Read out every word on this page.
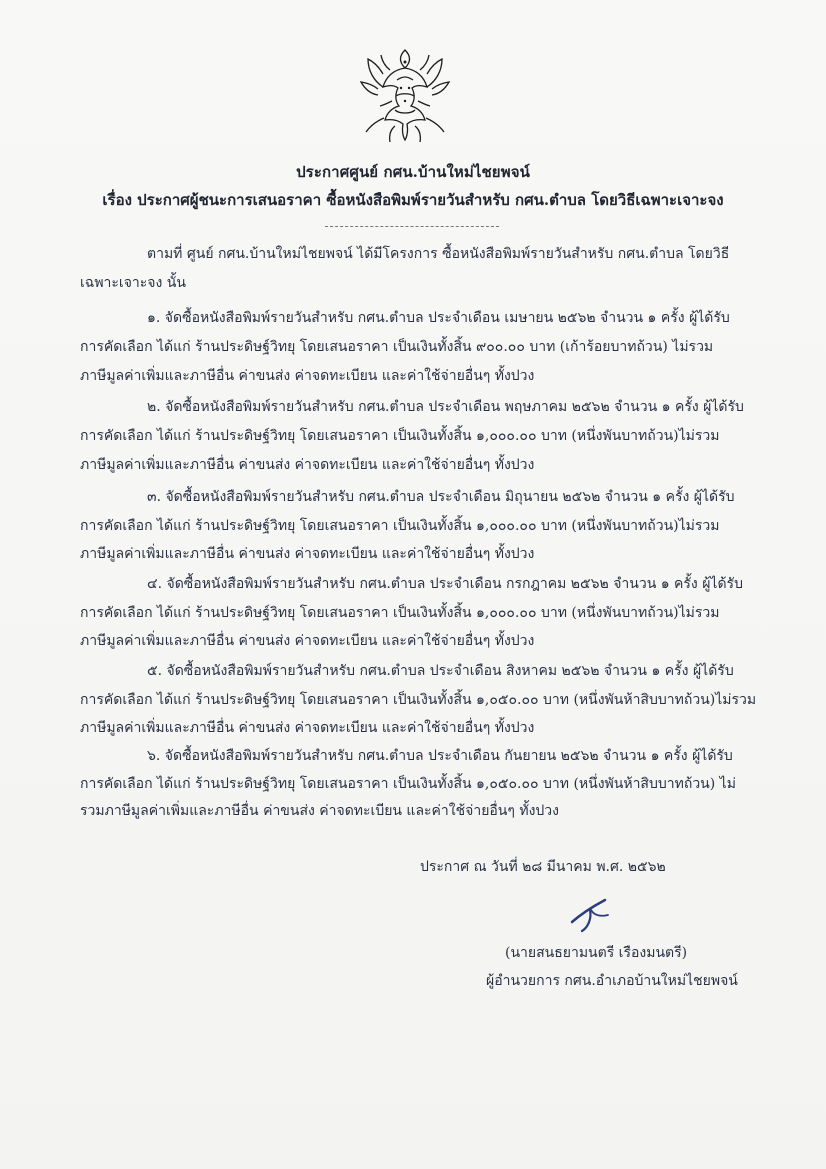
ประกาศศูนย์ กศน.บ้านใหม่ไชยพจน์
เรื่อง ประกาศผู้ชนะการเสนอราคา ซื้อหนังสือพิมพ์รายวันสำหรับ กศน.ตำบล โดยวิธีเฉพาะเจาะจง
ตามที่ ศูนย์ กศน.บ้านใหม่ไชยพจน์ ได้มีโครงการ ซื้อหนังสือพิมพ์รายวันสำหรับ กศน.ตำบล โดยวิธี
เฉพาะเจาะจง นั้น
๑. จัดซื้อหนังสือพิมพ์รายวันสำหรับ กศน.ตำบล ประจำเดือน เมษายน ๒๕๖๒ จำนวน ๑ ครั้ง ผู้ได้รับ
การคัดเลือก ได้แก่ ร้านประดิษฐ์วิทยุ โดยเสนอราคา เป็นเงินทั้งสิ้น ๙๐๐.๐๐ บาท (เก้าร้อยบาทถ้วน) ไม่รวม
ภาษีมูลค่าเพิ่มและภาษีอื่น ค่าขนส่ง ค่าจดทะเบียน และค่าใช้จ่ายอื่นๆ ทั้งปวง
๒. จัดซื้อหนังสือพิมพ์รายวันสำหรับ กศน.ตำบล ประจำเดือน พฤษภาคม ๒๕๖๒ จำนวน ๑ ครั้ง ผู้ได้รับ
การคัดเลือก ได้แก่ ร้านประดิษฐ์วิทยุ โดยเสนอราคา เป็นเงินทั้งสิ้น ๑,๐๐๐.๐๐ บาท (หนึ่งพันบาทถ้วน)ไม่รวม
ภาษีมูลค่าเพิ่มและภาษีอื่น ค่าขนส่ง ค่าจดทะเบียน และค่าใช้จ่ายอื่นๆ ทั้งปวง
๓. จัดซื้อหนังสือพิมพ์รายวันสำหรับ กศน.ตำบล ประจำเดือน มิถุนายน ๒๕๖๒ จำนวน ๑ ครั้ง ผู้ได้รับ
การคัดเลือก ได้แก่ ร้านประดิษฐ์วิทยุ โดยเสนอราคา เป็นเงินทั้งสิ้น ๑,๐๐๐.๐๐ บาท (หนึ่งพันบาทถ้วน)ไม่รวม
ภาษีมูลค่าเพิ่มและภาษีอื่น ค่าขนส่ง ค่าจดทะเบียน และค่าใช้จ่ายอื่นๆ ทั้งปวง
๔. จัดซื้อหนังสือพิมพ์รายวันสำหรับ กศน.ตำบล ประจำเดือน กรกฎาคม ๒๕๖๒ จำนวน ๑ ครั้ง ผู้ได้รับ
การคัดเลือก ได้แก่ ร้านประดิษฐ์วิทยุ โดยเสนอราคา เป็นเงินทั้งสิ้น ๑,๐๐๐.๐๐ บาท (หนึ่งพันบาทถ้วน)ไม่รวม
ภาษีมูลค่าเพิ่มและภาษีอื่น ค่าขนส่ง ค่าจดทะเบียน และค่าใช้จ่ายอื่นๆ ทั้งปวง
๕. จัดซื้อหนังสือพิมพ์รายวันสำหรับ กศน.ตำบล ประจำเดือน สิงหาคม ๒๕๖๒ จำนวน ๑ ครั้ง ผู้ได้รับ
การคัดเลือก ได้แก่ ร้านประดิษฐ์วิทยุ โดยเสนอราคา เป็นเงินทั้งสิ้น ๑,๐๕๐.๐๐ บาท (หนึ่งพันห้าสิบบาทถ้วน)ไม่รวม
ภาษีมูลค่าเพิ่มและภาษีอื่น ค่าขนส่ง ค่าจดทะเบียน และค่าใช้จ่ายอื่นๆ ทั้งปวง
๖. จัดซื้อหนังสือพิมพ์รายวันสำหรับ กศน.ตำบล ประจำเดือน กันยายน ๒๕๖๒ จำนวน ๑ ครั้ง ผู้ได้รับ
การคัดเลือก ได้แก่ ร้านประดิษฐ์วิทยุ โดยเสนอราคา เป็นเงินทั้งสิ้น ๑,๐๕๐.๐๐ บาท (หนึ่งพันห้าสิบบาทถ้วน) ไม่
รวมภาษีมูลค่าเพิ่มและภาษีอื่น ค่าขนส่ง ค่าจดทะเบียน และค่าใช้จ่ายอื่นๆ ทั้งปวง
ประกาศ ณ วันที่ ๒๘ มีนาคม พ.ศ. ๒๕๖๒
(นายสนธยามนตรี เรืองมนตรี)
ผู้อำนวยการ กศน.อำเภอบ้านใหม่ไชยพจน์
